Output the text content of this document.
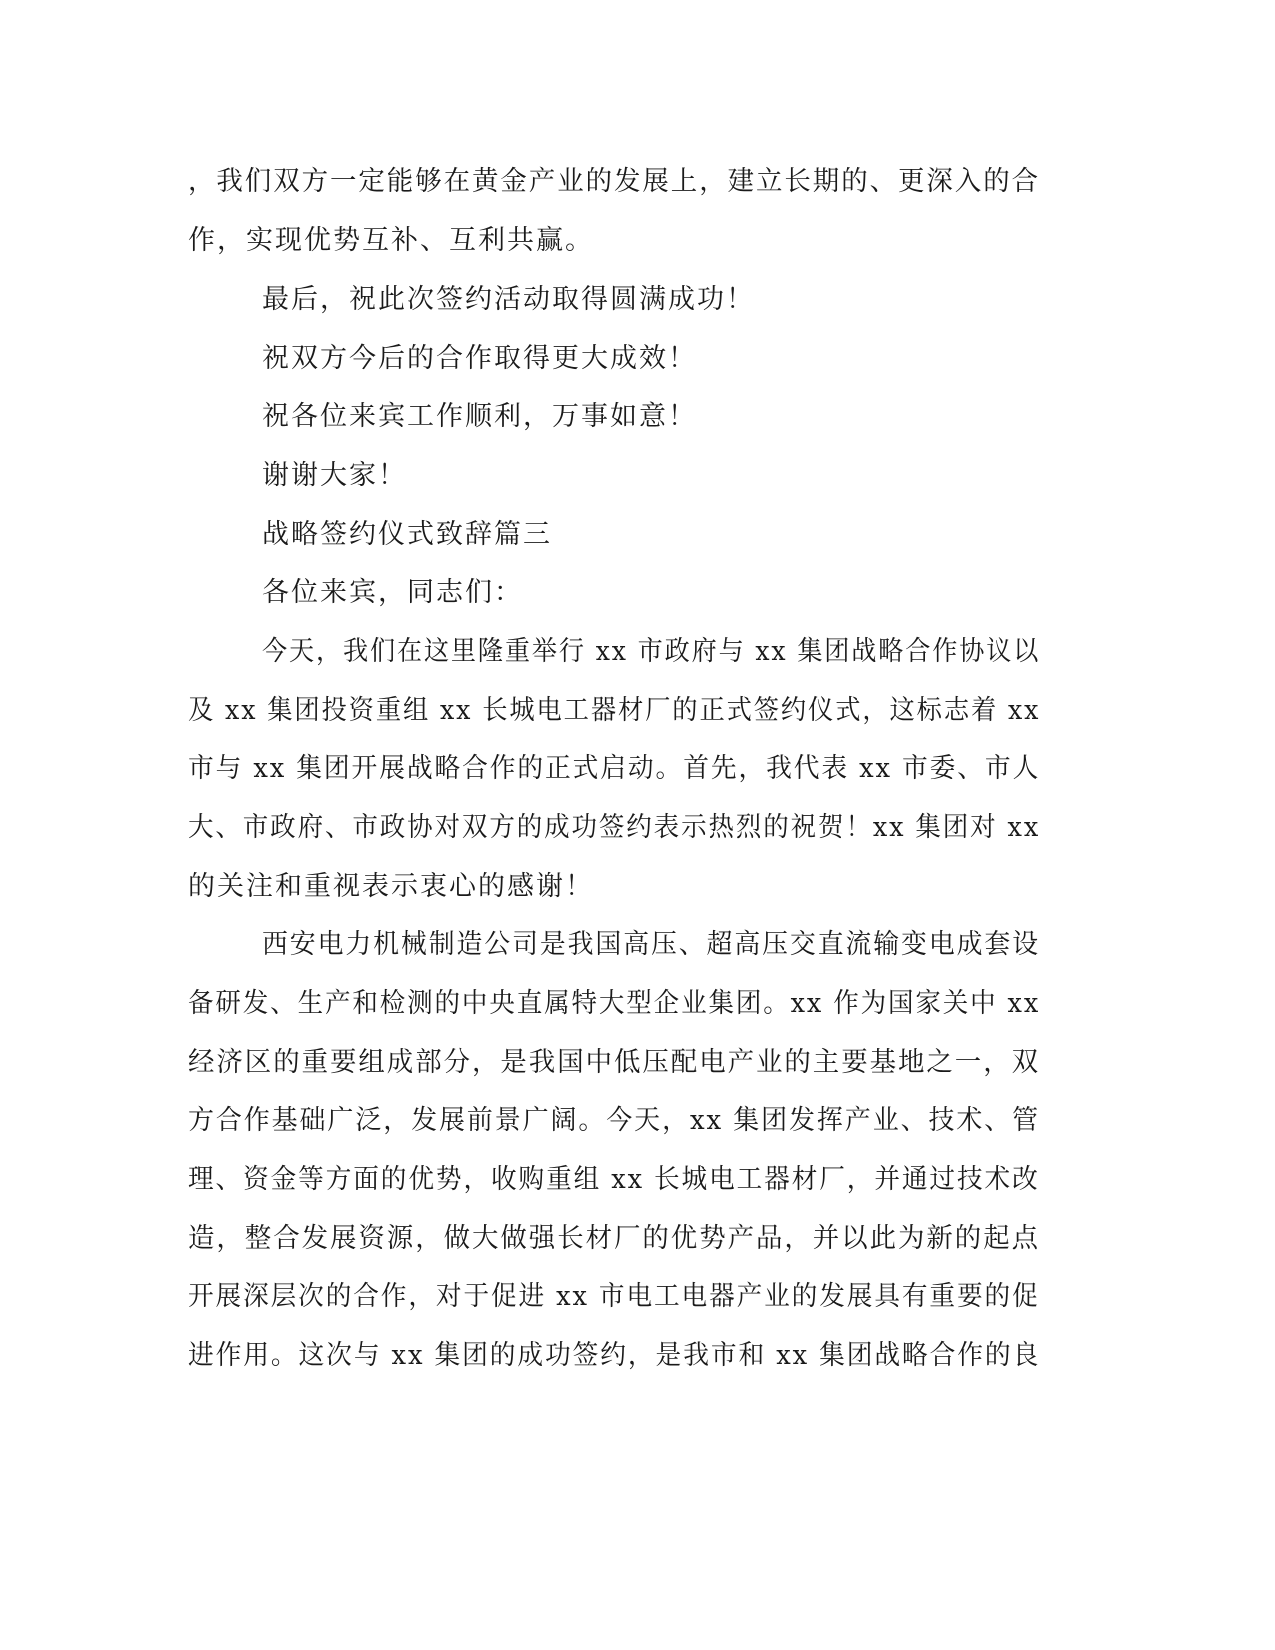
，我们双方一定能够在黄金产业的发展上，建立长期的、更深入的合
作，实现优势互补、互利共赢。
最后，祝此次签约活动取得圆满成功！
祝双方今后的合作取得更大成效！
祝各位来宾工作顺利，万事如意！
谢谢大家！
战略签约仪式致辞篇三
各位来宾，同志们：
今天，我们在这里隆重举行 xx 市政府与 xx 集团战略合作协议以
及 xx 集团投资重组 xx 长城电工器材厂的正式签约仪式，这标志着 xx
市与 xx 集团开展战略合作的正式启动。首先，我代表 xx 市委、市人
大、市政府、市政协对双方的成功签约表示热烈的祝贺！xx 集团对 xx
的关注和重视表示衷心的感谢！
西安电力机械制造公司是我国高压、超高压交直流输变电成套设
备研发、生产和检测的中央直属特大型企业集团。xx 作为国家关中 xx
经济区的重要组成部分，是我国中低压配电产业的主要基地之一，双
方合作基础广泛，发展前景广阔。今天，xx 集团发挥产业、技术、管
理、资金等方面的优势，收购重组 xx 长城电工器材厂，并通过技术改
造，整合发展资源，做大做强长材厂的优势产品，并以此为新的起点
开展深层次的合作，对于促进 xx 市电工电器产业的发展具有重要的促
进作用。这次与 xx 集团的成功签约，是我市和 xx 集团战略合作的良
